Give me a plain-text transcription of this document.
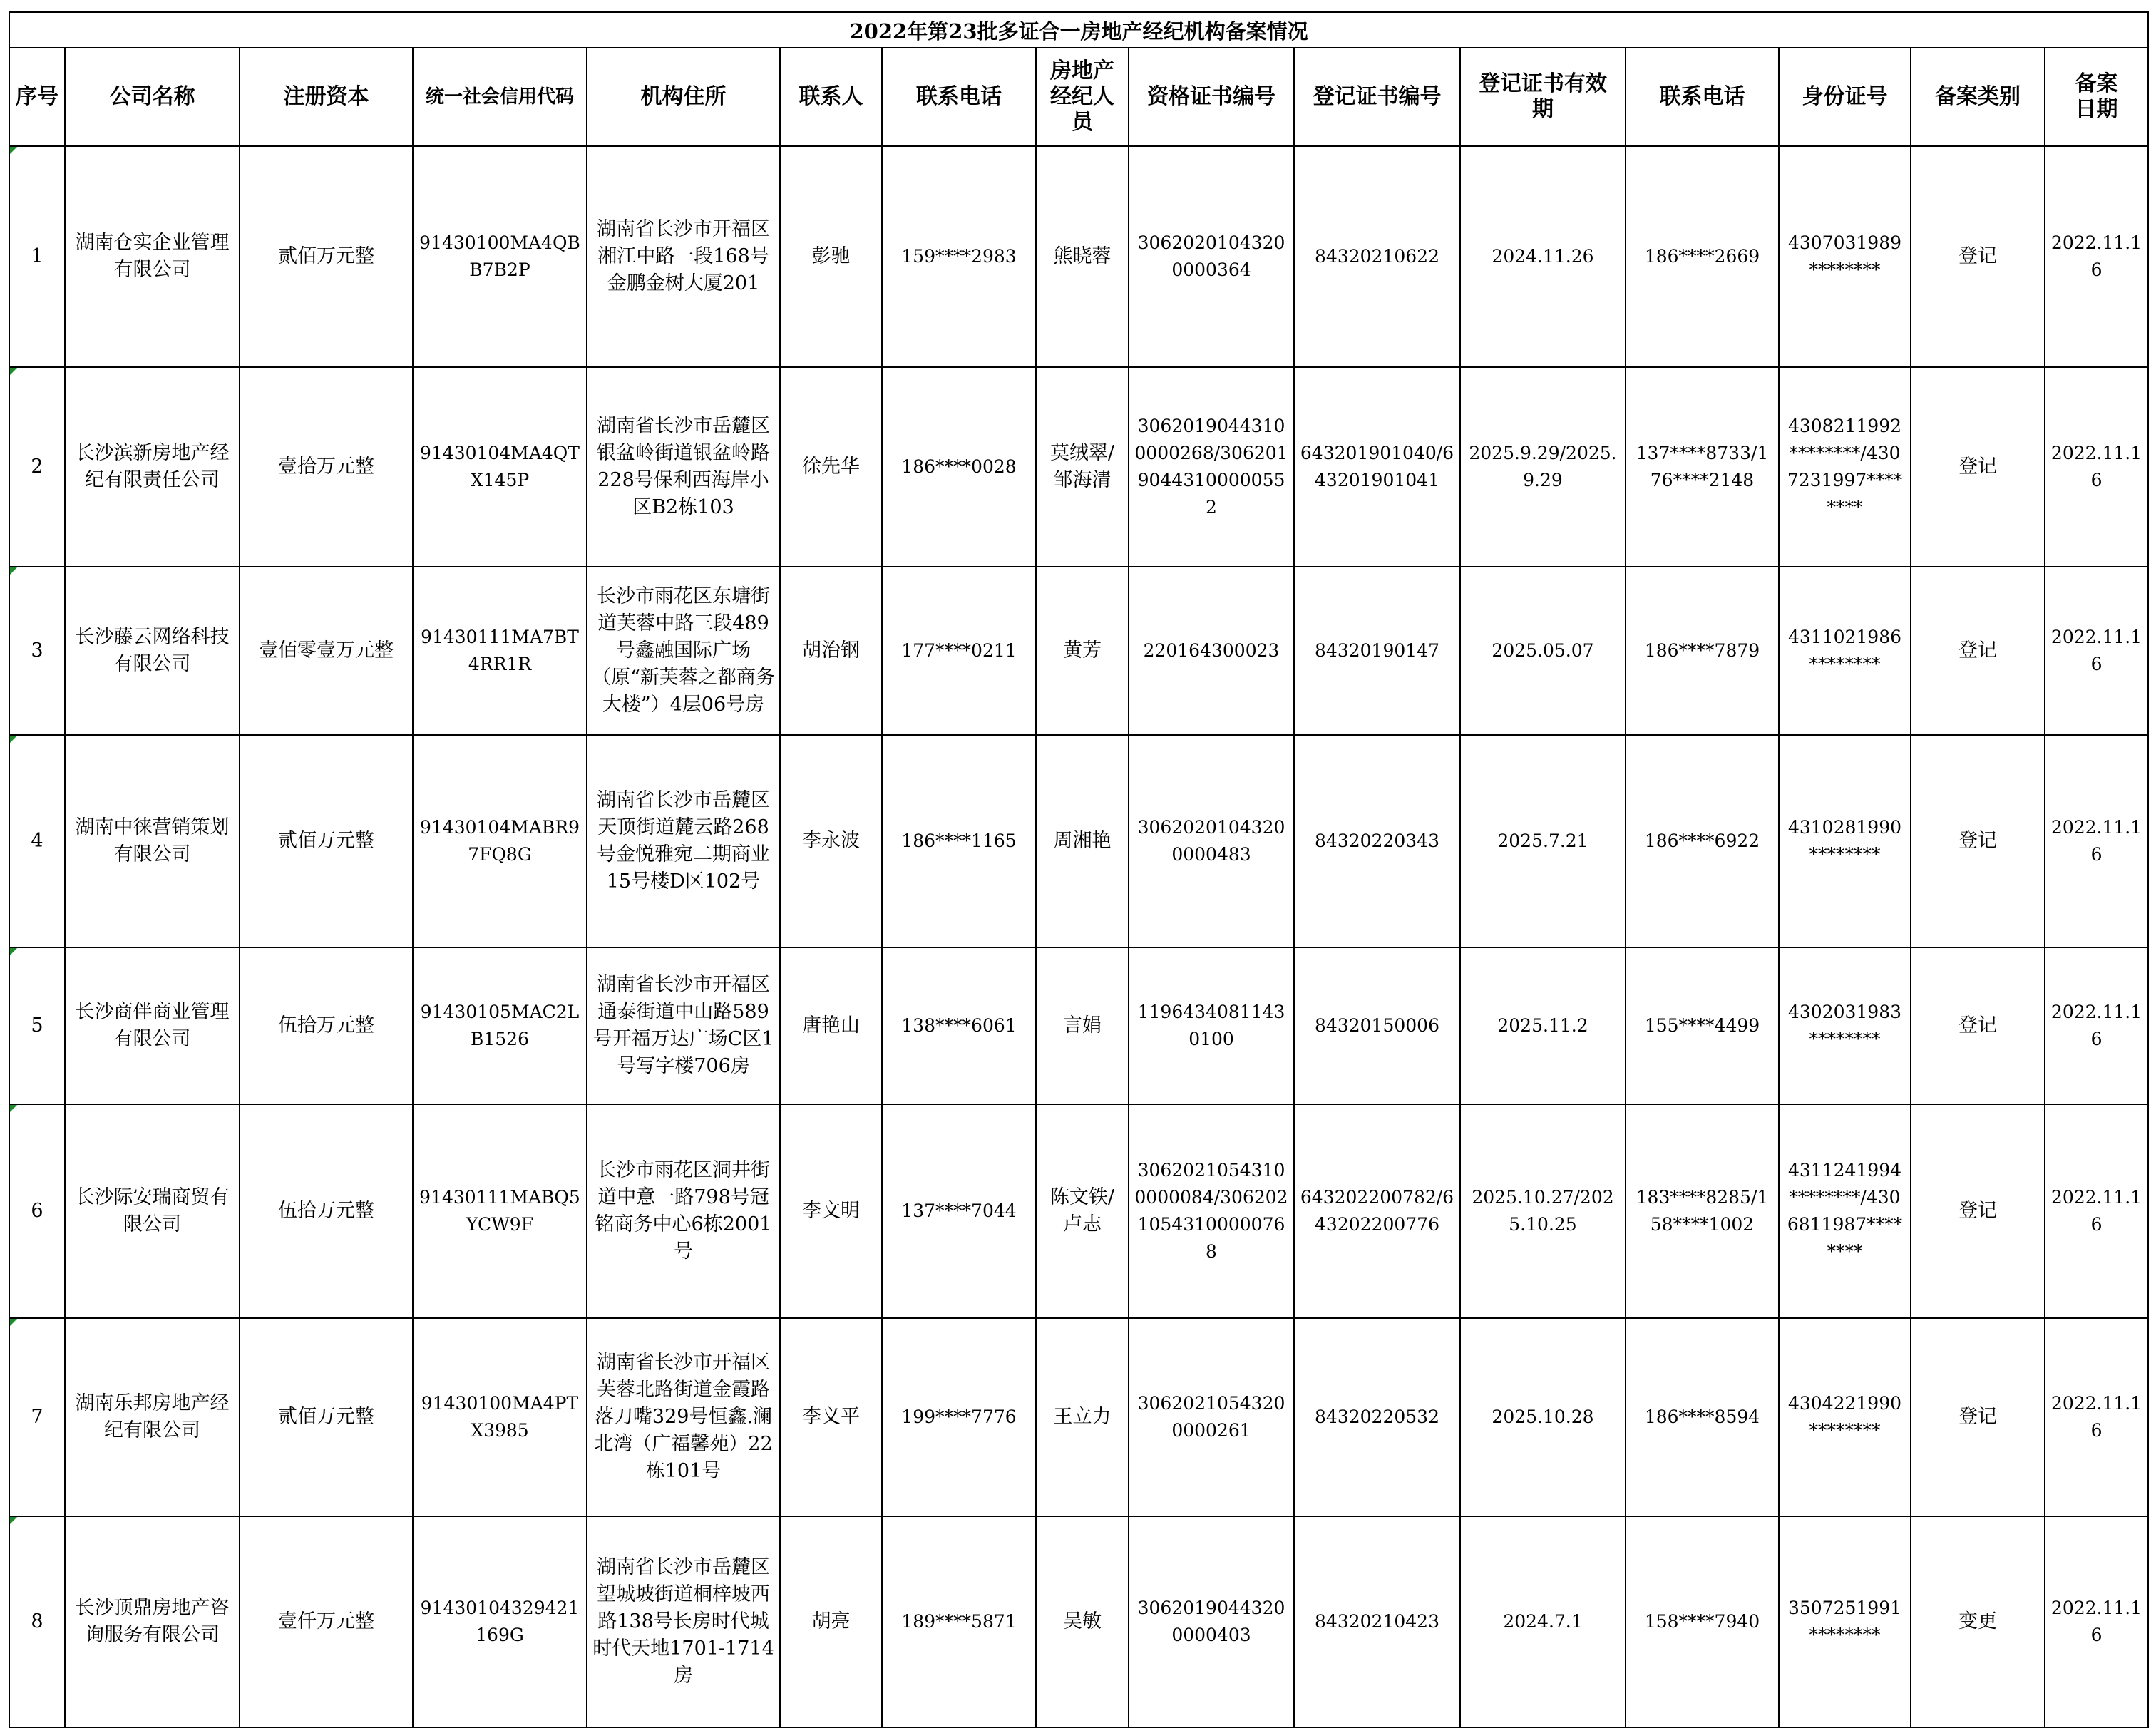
2022年第23批多证合一房地产经纪机构备案情况														
序号	公司名称	注册资本	统一社会信用代码	机构住所	联系人	联系电话	房地产经纪人员	资格证书编号	登记证书编号	登记证书有效期	联系电话	身份证号	备案类别	备案日期
1	湖南仓实企业管理有限公司	贰佰万元整	91430100MA4QBB7B2P	湖南省长沙市开福区湘江中路一段168号金鹏金树大厦201	彭驰	159****2983	熊晓蓉	306202010432​00000364	84320210622	2024.11.26	186****2669	4307031989*​*******	登记	2022.11.​16
2	长沙滨新房地产经纪有限责任公司	壹拾万元整	91430104MA4QTX145P	湖南省长沙市岳麓区银盆岭街道银盆岭路228号保利西海岸小区B2栋103	徐先华	186****0028	莫绒翠/邹海清	30620190443100000268/30620190443100000552	643201901040/643201901041	2025.9.29/2025.9.29	137****8733/176****2148	4308211992********/4307231997********	登记	2022.11.​16
3	长沙藤云网络科技有限公司	壹佰零壹万元整	91430111MA7BT4RR1R	长沙市雨花区东塘街道芙蓉中路三段489号鑫融国际广场（原“新芙蓉之都商务大楼”）4层06号房	胡治钢	177****0211	黄芳	220164300023	84320190147	2025.05.07	186****7879	4311021986*​*******	登记	2022.11.​16
4	湖南中徕营销策划有限公司	贰佰万元整	91430104MABR97FQ8G	湖南省长沙市岳麓区天顶街道麓云路268号金悦雅宛二期商业15号楼D区102号	李永波	186****1165	周湘艳	306202010432​00000483	84320220343	2025.7.21	186****6922	4310281990*​*******	登记	2022.11.​16
5	长沙商伴商业管理有限公司	伍拾万元整	91430105MAC2LB1526	湖南省长沙市开福区通泰街道中山路589号开福万达广场C区1号写字楼706房	唐艳山	138****6061	言娟	119643408114​30100	84320150006	2025.11.2	155****4499	4302031983*​*******	登记	2022.11.​16
6	长沙际安瑞商贸有限公司	伍拾万元整	91430111MABQ5YCW9F	长沙市雨花区洞井街道中意一路798号冠铭商务中心6栋2001号	李文明	137****7044	陈文铁/卢志	30620210543100000084/30620210543100000768	643202200782/643202200776	2025.10.27/2025.10.25	183****8285/158****1002	4311241994********/4306811987********	登记	2022.11.​16
7	湖南乐邦房地产经纪有限公司	贰佰万元整	91430100MA4PTX3985	湖南省长沙市开福区芙蓉北路街道金霞路落刀嘴329号恒鑫.澜北湾（广福馨苑）22栋101号	李义平	199****7776	王立力	306202105432​00000261	84320220532	2025.10.28	186****8594	4304221990*​*******	登记	2022.11.​16
8	长沙顶鼎房地产咨询服务有限公司	壹仟万元整	91430104329421169G	湖南省长沙市岳麓区望城坡街道桐梓坡西路138号长房时代城时代天地1701-1714房	胡亮	189****5871	吴敏	306201904432​00000403	84320210423	2024.7.1	158****7940	3507251991*​*******	变更	2022.11.​16
